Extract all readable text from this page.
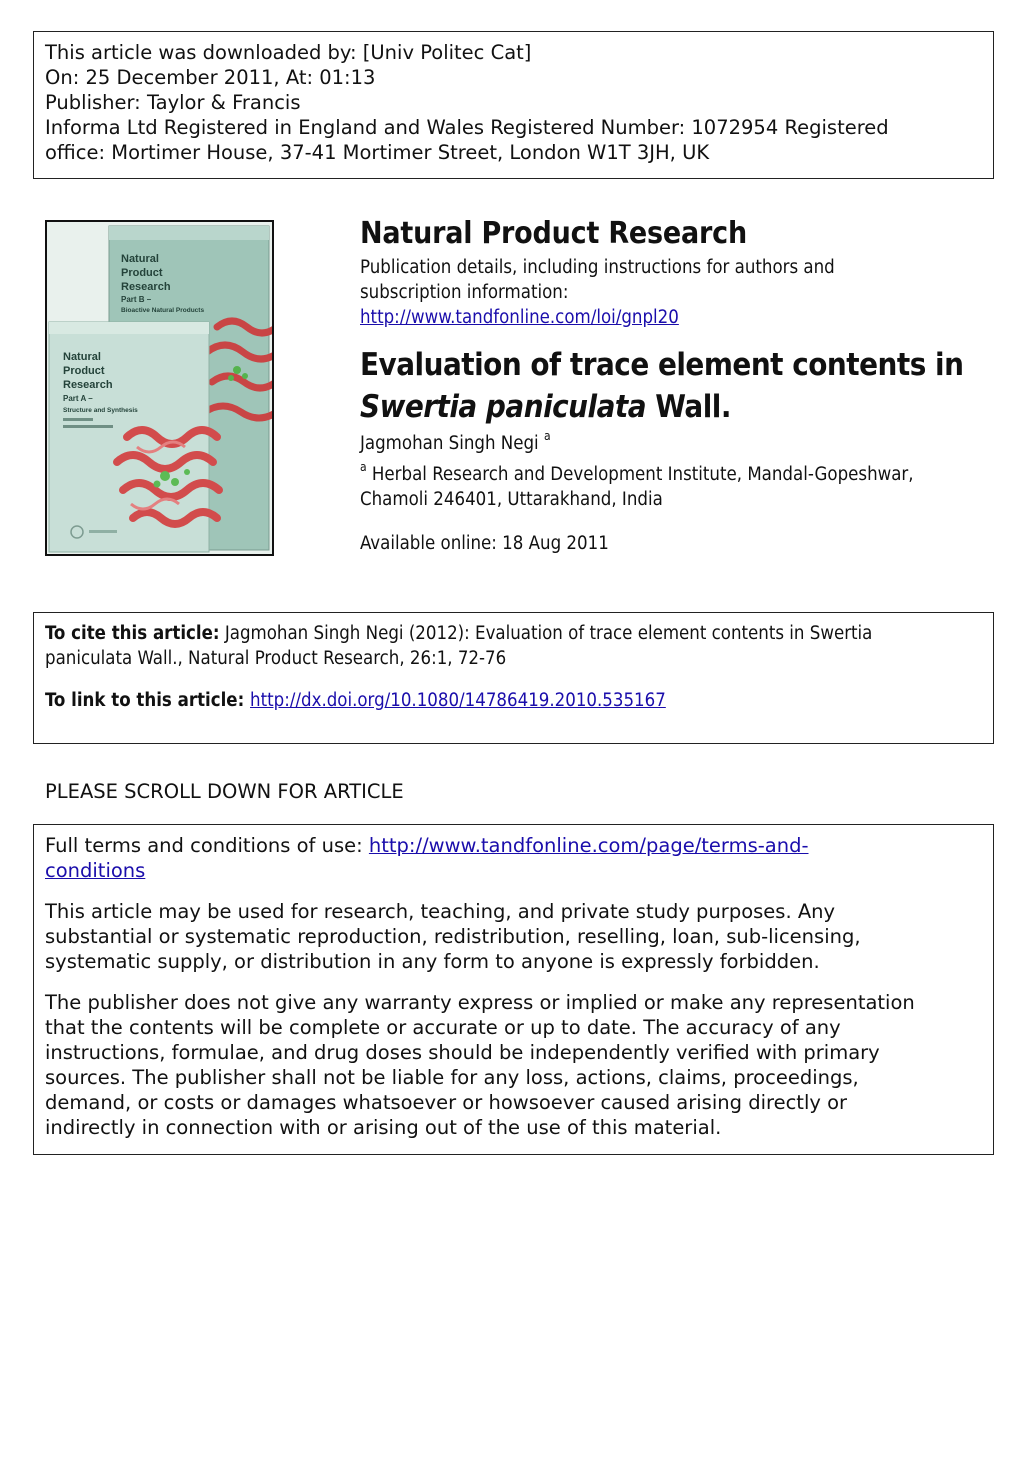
This article was downloaded by: [Univ Politec Cat]
On: 25 December 2011, At: 01:13
Publisher: Taylor & Francis
Informa Ltd Registered in England and Wales Registered Number: 1072954 Registered
office: Mortimer House, 37-41 Mortimer Street, London W1T 3JH, UK
Natural
Product
Research
Part B –
Bioactive Natural Products
Natural
Product
Research
Part A –
Structure and Synthesis
Natural Product Research
Publication details, including instructions for authors and
subscription information:
http://www.tandfonline.com/loi/gnpl20
Evaluation of trace element contents in
Swertia paniculata Wall.
Jagmohan Singh Negi $^a$
$^a$ Herbal Research and Development Institute, Mandal-Gopeshwar,
Chamoli 246401, Uttarakhand, India
Available online: 18 Aug 2011
To cite this article: Jagmohan Singh Negi (2012): Evaluation of trace element contents in Swertia
paniculata Wall., Natural Product Research, 26:1, 72-76
To link to this article: http://dx.doi.org/10.1080/14786419.2010.535167
PLEASE SCROLL DOWN FOR ARTICLE

Full terms and conditions of use: http://www.tandfonline.com/page/terms-and-
conditions

This article may be used for research, teaching, and private study purposes. Any
substantial or systematic reproduction, redistribution, reselling, loan, sub-licensing,
systematic supply, or distribution in any form to anyone is expressly forbidden.

The publisher does not give any warranty express or implied or make any representation
that the contents will be complete or accurate or up to date. The accuracy of any
instructions, formulae, and drug doses should be independently verified with primary
sources. The publisher shall not be liable for any loss, actions, claims, proceedings,
demand, or costs or damages whatsoever or howsoever caused arising directly or
indirectly in connection with or arising out of the use of this material.
